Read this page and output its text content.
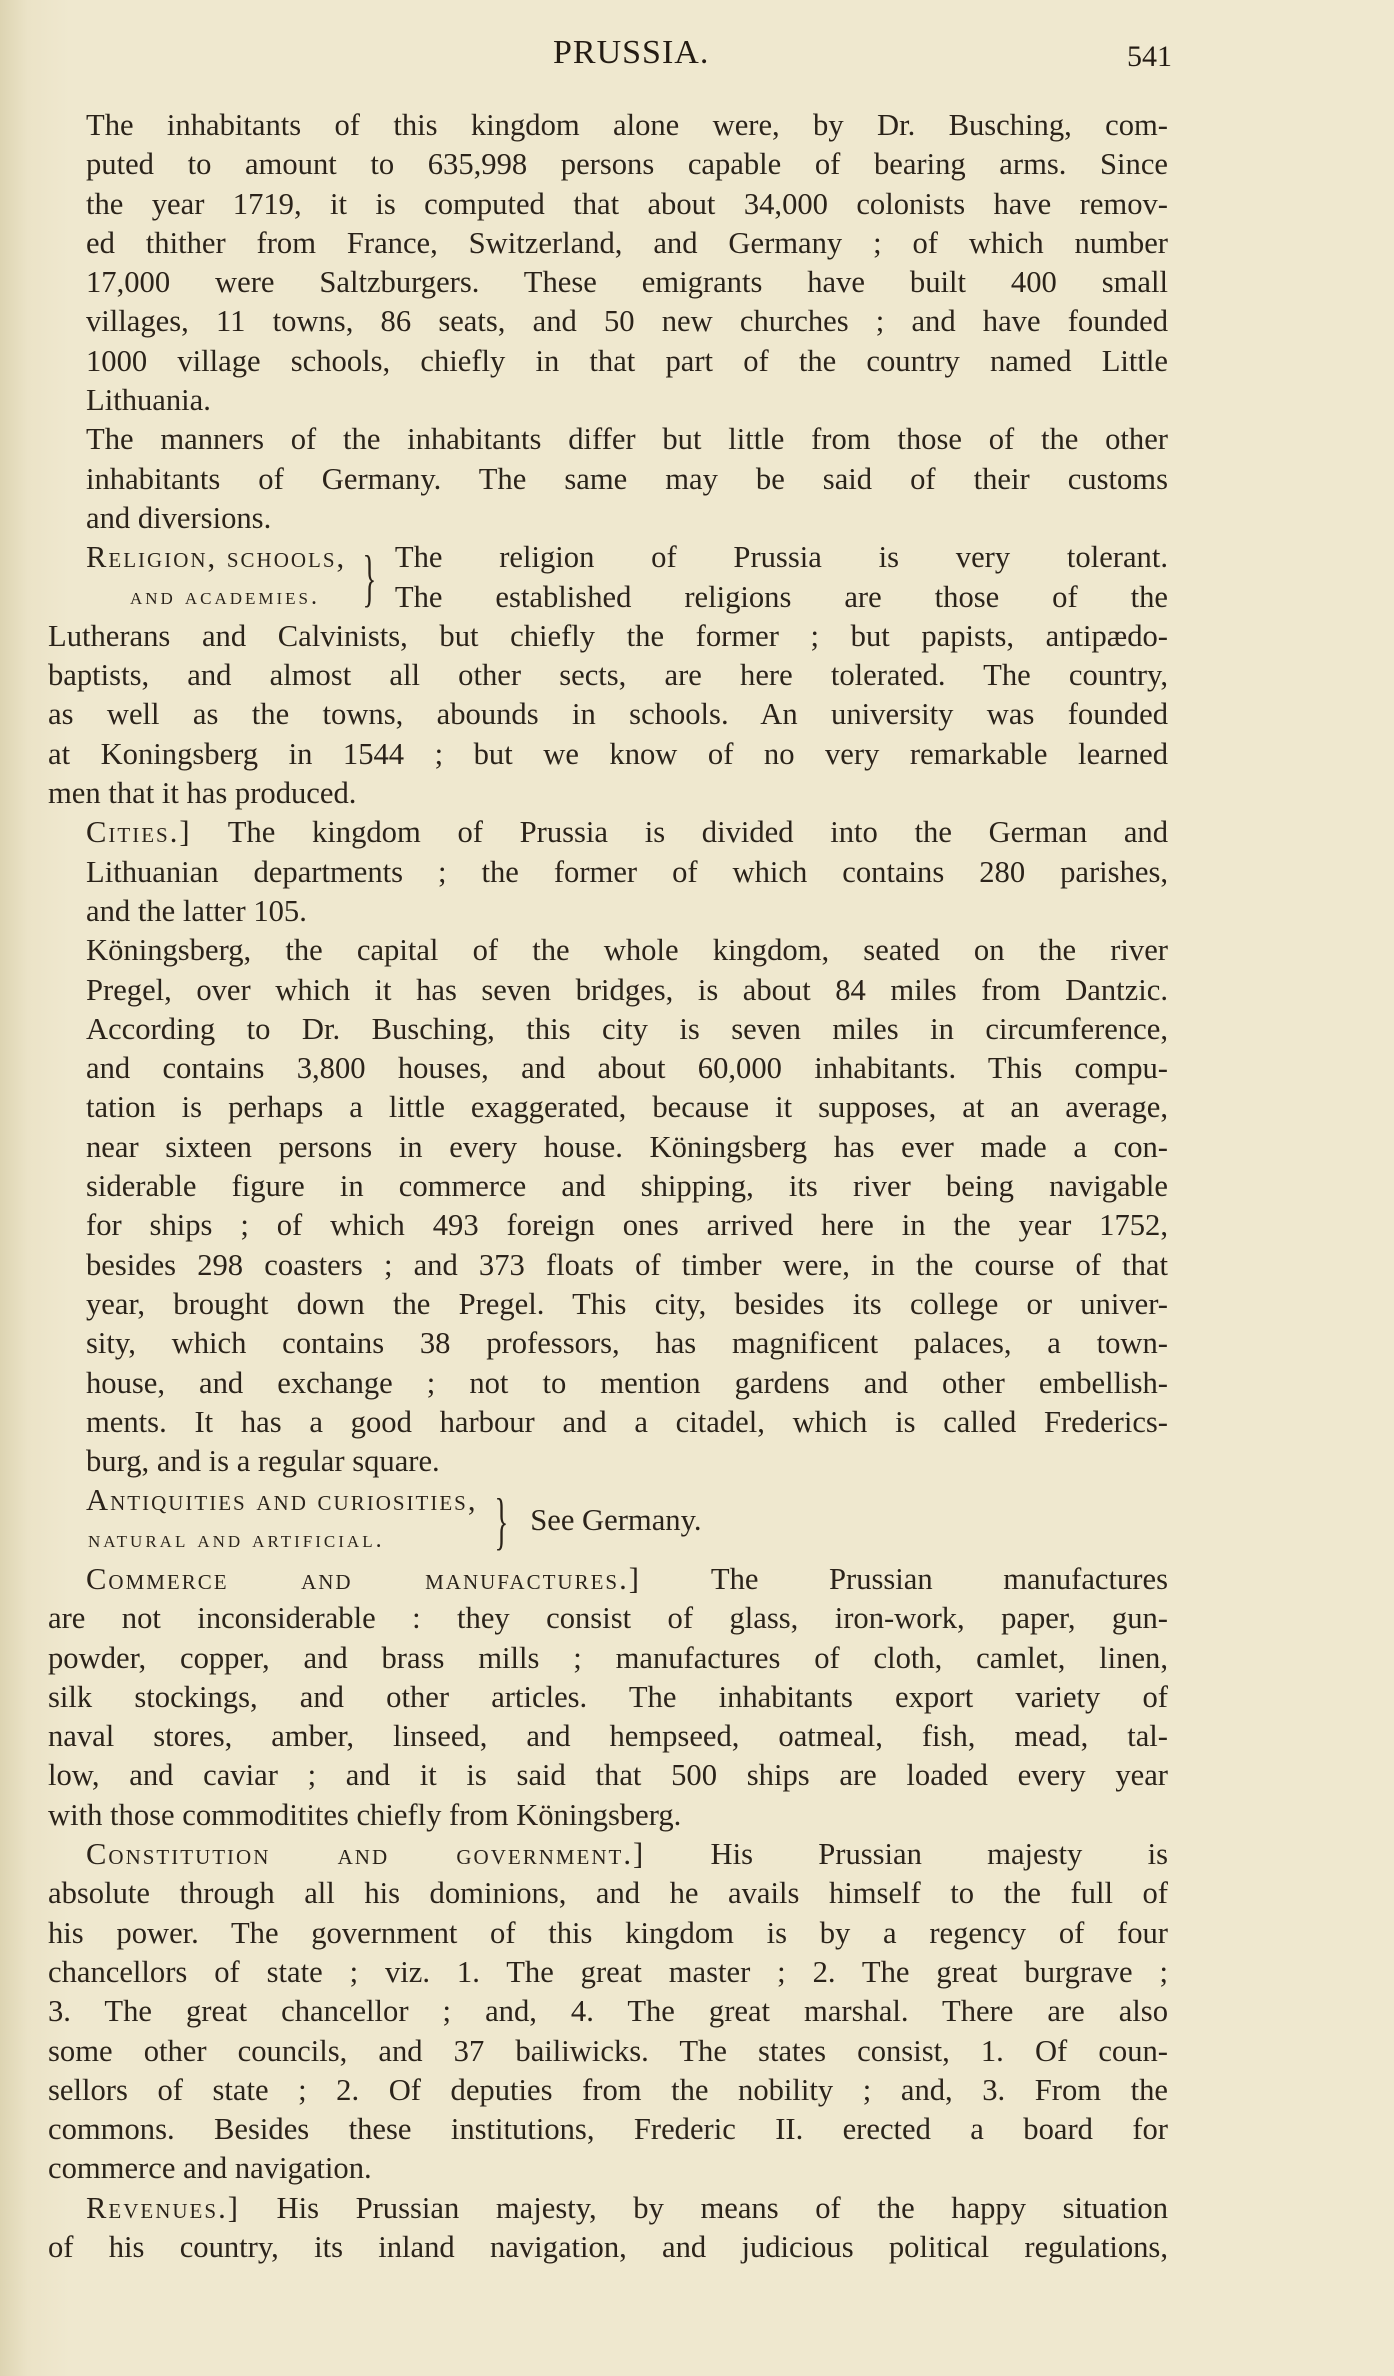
PRUSSIA.	541

The inhabitants of this kingdom alone were, by Dr. Busching, com-
puted to amount to 635,998 persons capable of bearing arms. Since
the year 1719, it is computed that about 34,000 colonists have remov-
ed thither from France, Switzerland, and Germany ; of which number
17,000 were Saltzburgers. These emigrants have built 400 small
villages, 11 towns, 86 seats, and 50 new churches ; and have founded
1000 village schools, chiefly in that part of the country named Little
Lithuania.

The manners of the inhabitants differ but little from those of the other
inhabitants of Germany. The same may be said of their customs
and diversions.

Religion, schools,
and academies. } The religion of Prussia is very tolerant.
The established religions are those of the
Lutherans and Calvinists, but chiefly the former ; but papists, antipædo-
baptists, and almost all other sects, are here tolerated. The country,
as well as the towns, abounds in schools. An university was founded
at Koningsberg in 1544 ; but we know of no very remarkable learned
men that it has produced.

Cities.] The kingdom of Prussia is divided into the German and
Lithuanian departments ; the former of which contains 280 parishes,
and the latter 105.

Köningsberg, the capital of the whole kingdom, seated on the river
Pregel, over which it has seven bridges, is about 84 miles from Dantzic.
According to Dr. Busching, this city is seven miles in circumference,
and contains 3,800 houses, and about 60,000 inhabitants. This compu-
tation is perhaps a little exaggerated, because it supposes, at an average,
near sixteen persons in every house. Köningsberg has ever made a con-
siderable figure in commerce and shipping, its river being navigable
for ships ; of which 493 foreign ones arrived here in the year 1752,
besides 298 coasters ; and 373 floats of timber were, in the course of that
year, brought down the Pregel. This city, besides its college or univer-
sity, which contains 38 professors, has magnificent palaces, a town-
house, and exchange ; not to mention gardens and other embellish-
ments. It has a good harbour and a citadel, which is called Frederics-
burg, and is a regular square.

Antiquities and curiosities,
natural and artificial.	} See Germany.
Commerce and manufactures.] The Prussian manufactures
are not inconsiderable : they consist of glass, iron-work, paper, gun-
powder, copper, and brass mills ; manufactures of cloth, camlet, linen,
silk stockings, and other articles. The inhabitants export variety of
naval stores, amber, linseed, and hempseed, oatmeal, fish, mead, tal-
low, and caviar ; and it is said that 500 ships are loaded every year
with those commoditites chiefly from Köningsberg.
Constitution and government.] His Prussian majesty is
absolute through all his dominions, and he avails himself to the full of
his power. The government of this kingdom is by a regency of four
chancellors of state ; viz. 1. The great master ; 2. The great burgrave ;
3. The great chancellor ; and, 4. The great marshal. There are also
some other councils, and 37 bailiwicks. The states consist, 1. Of coun-
sellors of state ; 2. Of deputies from the nobility ; and, 3. From the
commons. Besides these institutions, Frederic II. erected a board for
commerce and navigation.
Revenues.] His Prussian majesty, by means of the happy situation
of his country, its inland navigation, and judicious political regulations,
